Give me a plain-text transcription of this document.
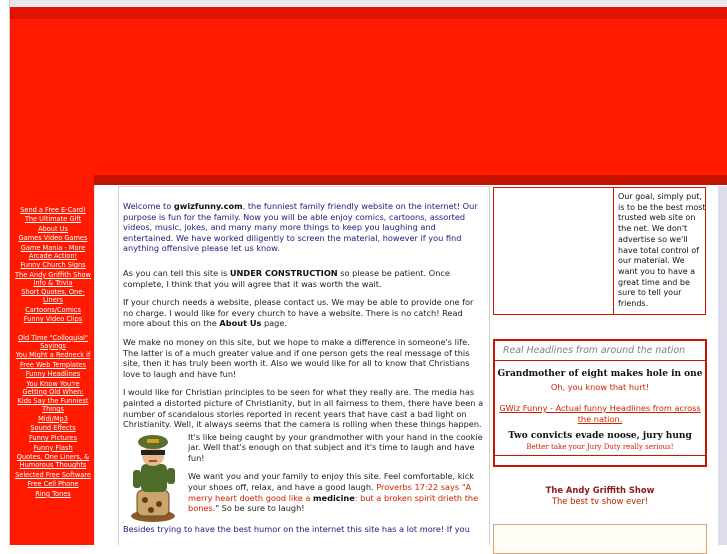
Send a Free E-Card!
The Ultimate Gift
About Us
Games Video Games
Game Mania - More Arcade Action!
Funny Church Signs
The Andy Griffith Show Info & Trivia
Short Quotes, One-Liners
Cartoons/Comics
Funny Video Clips
Old Time "Colloquial" Sayings
You Might a Redneck if
Free Web Templates
Funny Headlines
You Know You're Getting Old When:
Kids Say the Funniest Things
Midi/Mp3
Sound Effects
Funny Pictures
Funny Flash
Quotes, One Liners, & Humorous Thoughts
Selected Free Software
Free Cell Phone
Ring Tones

Welcome to gwizfunny.com, the funniest family friendly website on the internet! Our purpose is fun for the family. Now you will be able enjoy comics, cartoons, assorted videos, music, jokes, and many many more things to keep you laughing and entertained. We have worked diligently to screen the material, however if you find anything offensive please let us know.

As you can tell this site is UNDER CONSTRUCTION so please be patient. Once complete, I think that you will agree that it was worth the wait.

If your church needs a website, please contact us. We may be able to provide one for no charge. I would like for every church to have a website. There is no catch! Read more about this on the About Us page.

We make no money on this site, but we hope to make a difference in someone's life. The latter is of a much greater value and if one person gets the real message of this site, then it has truly been worth it. Also we would like for all to know that Christians love to laugh and have fun!

I would like for Christian principles to be seen for what they really are. The media has painted a distorted picture of Christianity, but in all fairness to them, there have been a number of scandalous stories reported in recent years that have cast a bad light on Christianity. Well, it always seems that the camera is rolling when these things happen.

It's like being caught by your grandmother with your hand in the cookie jar. Well that's enough on that subject and it's time to laugh and have fun!

We want you and your family to enjoy this site. Feel comfortable, kick your shoes off, relax, and have a good laugh. Proverbs 17:22 says "A merry heart doeth good like a medicine: but a broken spirit drieth the bones." So be sure to laugh!

Besides trying to have the best humor on the internet this site has a lot more! If you

Our goal, simply put, is to be the best most trusted web site on the net. We don't advertise so we'll have total control of our material. We want you to have a great time and be sure to tell your friends.
Real Headlines from around the nation
Grandmother of eight makes hole in one
Oh, you know that hurt!
GWiz Funny - Actual funny Headlines from across the nation.
Two convicts evade noose, jury hung
Better take your Jury Duty really serious!
The Andy Griffith Show
The best tv show ever!
